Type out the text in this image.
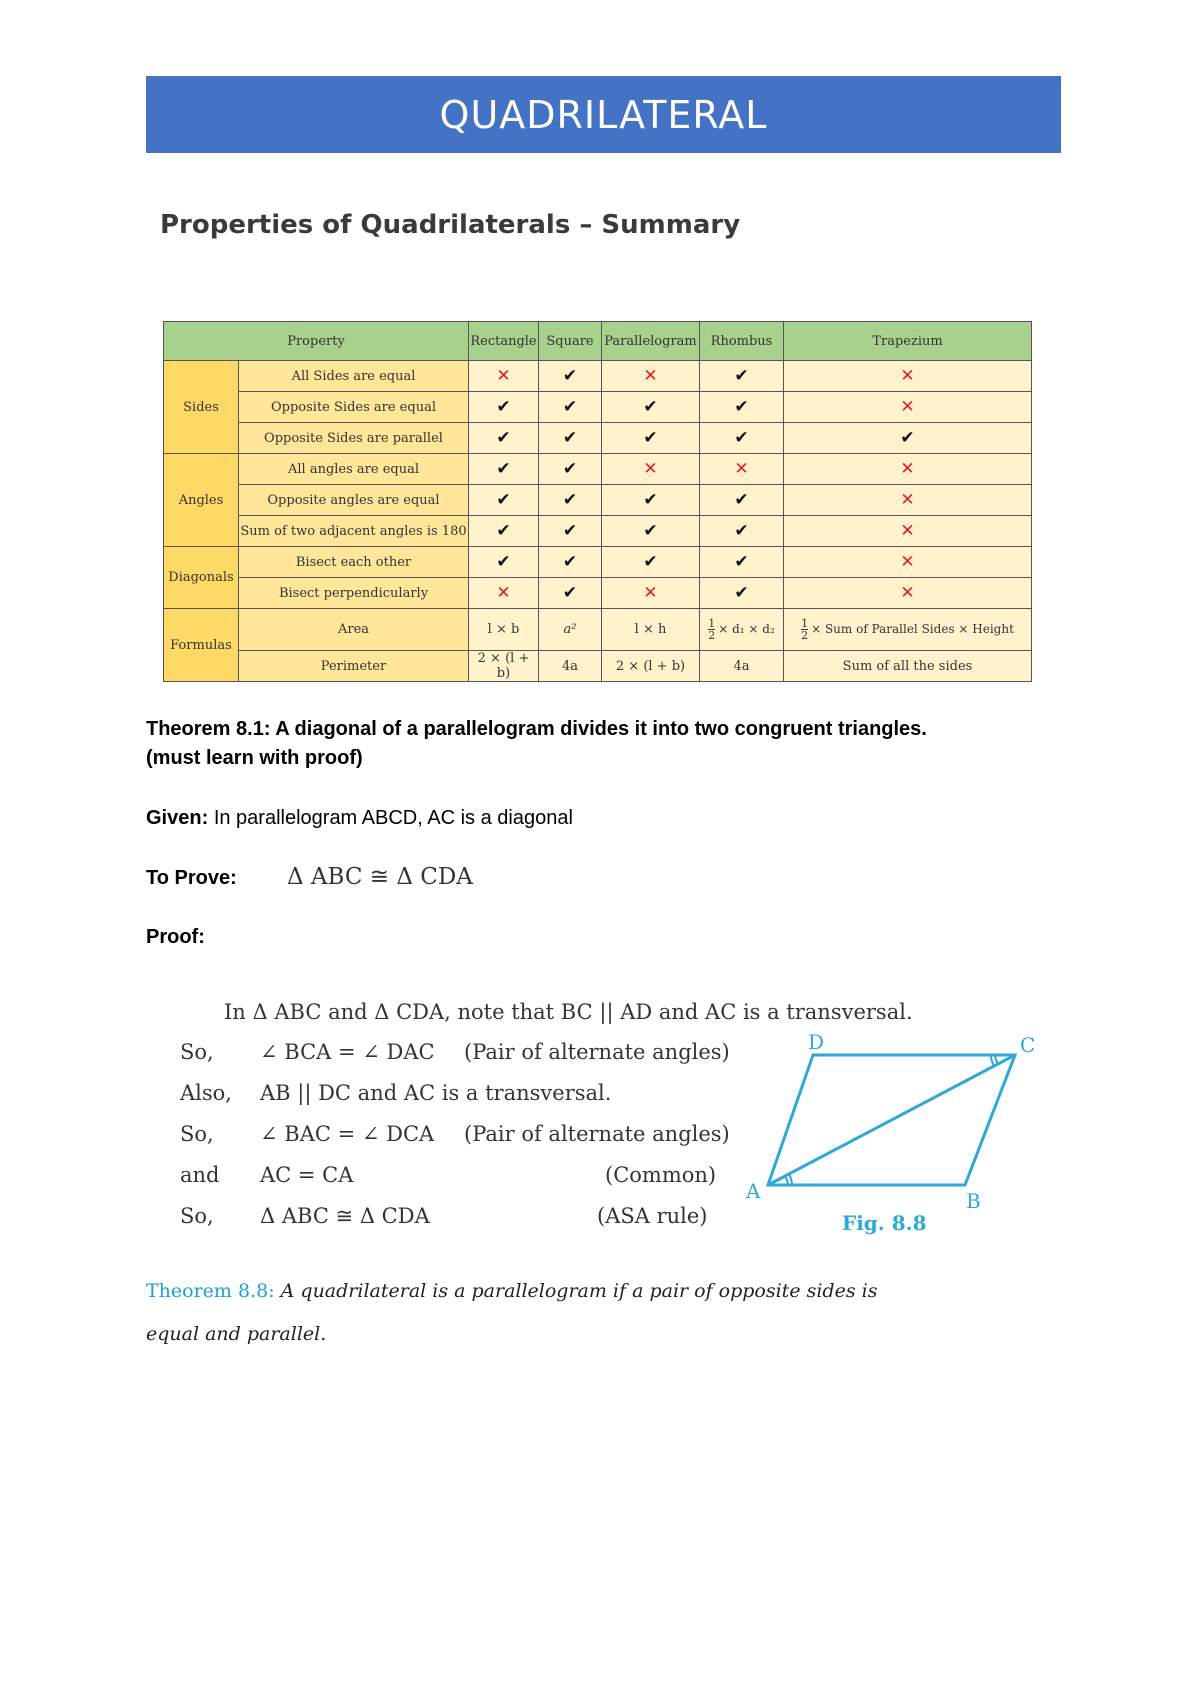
QUADRILATERAL
Properties of Quadrilaterals – Summary
Property		Rectangle	Square	Parallelogram	Rhombus	Trapezium
Sides	All Sides are equal	✕	✔	✕	✔	✕
	Opposite Sides are equal	✔	✔	✔	✔	✕
	Opposite Sides are parallel	✔	✔	✔	✔	✔
Angles	All angles are equal	✔	✔	✕	✕	✕
	Opposite angles are equal	✔	✔	✔	✔	✕
	Sum of two adjacent angles is 180	✔	✔	✔	✔	✕
Diagonals	Bisect each other	✔	✔	✔	✔	✕
	Bisect perpendicularly	✕	✔	✕	✔	✕
Formulas	Area	l × b	a²	l × h	$\frac{1}{2} \times d_1 \times d_2$	$\frac{1}{2}$ × Sum of Parallel Sides × Height
	Perimeter	2 × (l + b)	4a	2 × (l + b)	4a	Sum of all the sides
Theorem 8.1: A diagonal of a parallelogram divides it into two congruent triangles.
(must learn with proof)
Given: In parallelogram ABCD, AC is a diagonal
To Prove: Δ ABC ≅ Δ CDA
Proof:
In Δ ABC and Δ CDA, note that BC || AD and AC is a transversal.
So, ∠ BCA = ∠ DAC (Pair of alternate angles)
Also, AB || DC and AC is a transversal.
So, ∠ BAC = ∠ DCA (Pair of alternate angles)
and AC = CA	(Common)
So, Δ ABC ≅ Δ CDA	(ASA rule)
A	B
C
D
Fig. 8.8
Theorem 8.8: A quadrilateral is a parallelogram if a pair of opposite sides is equal and parallel.
